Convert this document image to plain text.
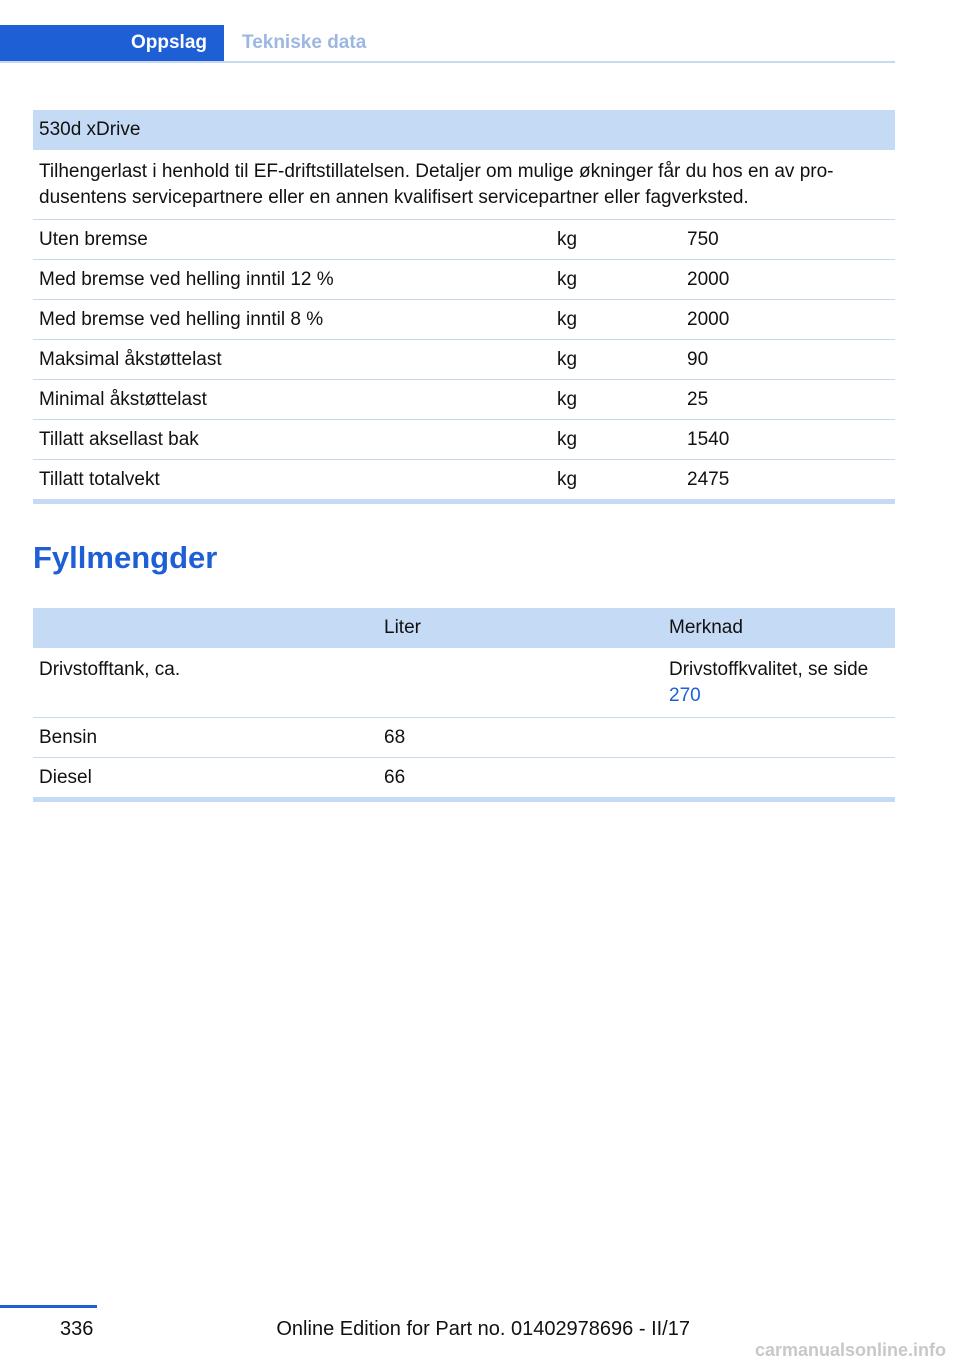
Oppslag	Tekniske data
530d xDrive		
Tilhengerlast i henhold til EF-driftstillatelsen. Detaljer om mulige økninger får du hos en av pro-dusentens servicepartnere eller en annen kvalifisert servicepartner eller fagverksted.		
Uten bremse	kg	750
Med bremse ved helling inntil 12 %	kg	2000
Med bremse ved helling inntil 8 %	kg	2000
Maksimal åkstøttelast	kg	90
Minimal åkstøttelast	kg	25
Tillatt aksellast bak	kg	1540
Tillatt totalvekt	kg	2475
Fyllmengder
	Liter	Merknad
Drivstofftank, ca.		Drivstoffkvalitet, se side 270
Bensin	68	
Diesel	66	
336	Online Edition for Part no. 01402978696 - II/17
carmanualsonline.info
